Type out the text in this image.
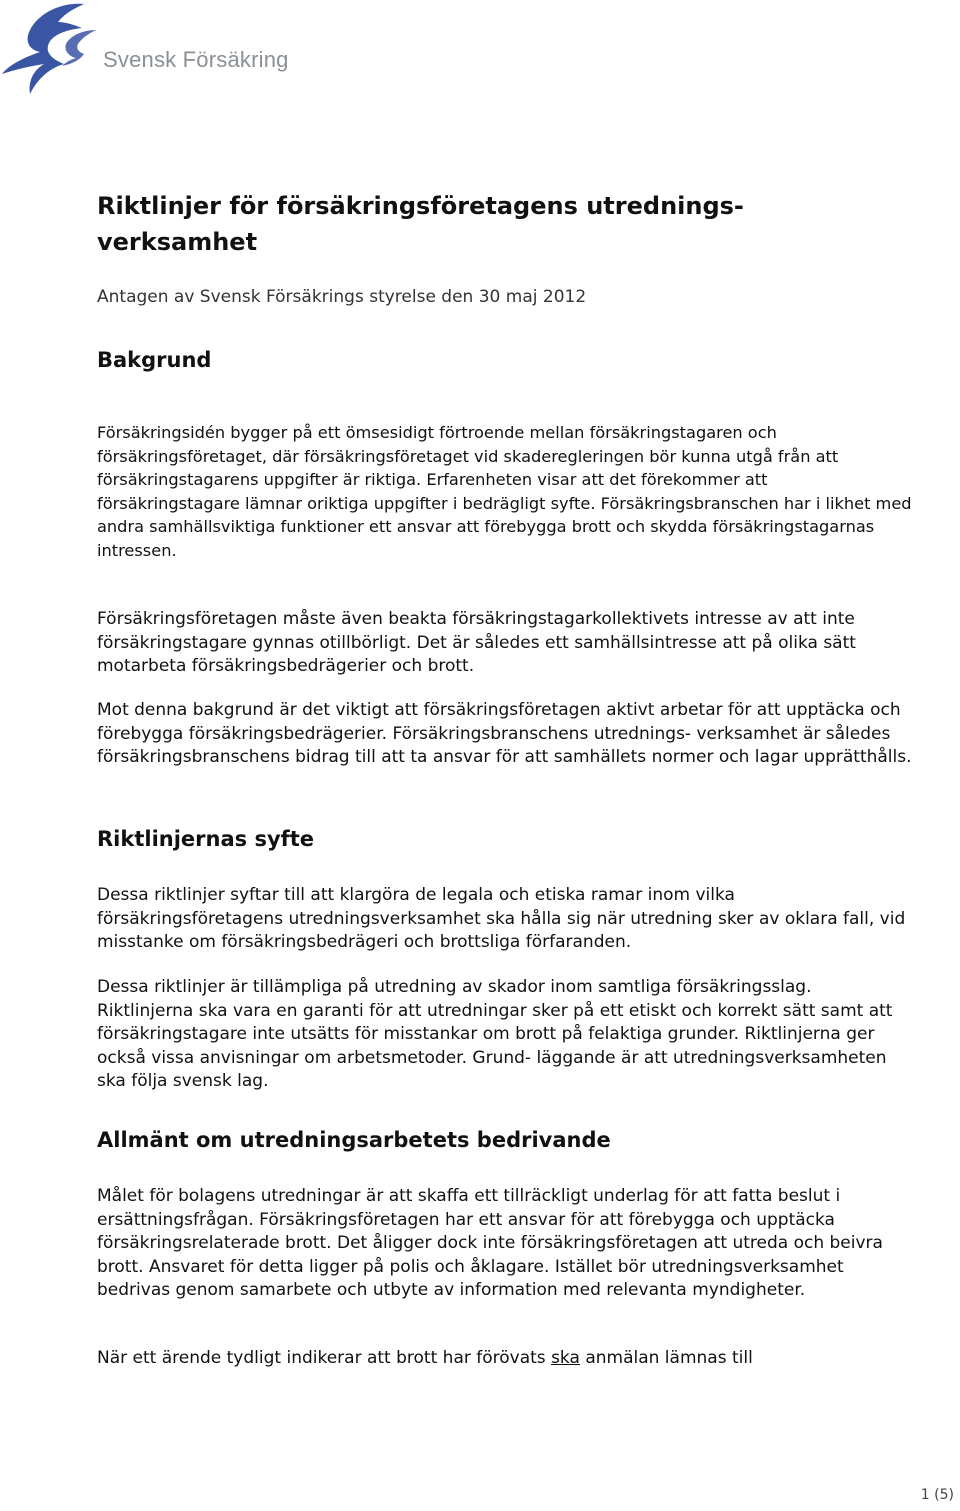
Svensk Försäkring
Riktlinjer för försäkringsföretagens utrednings- verksamhet

Antagen av Svensk Försäkrings styrelse den 30 maj 2012

Bakgrund

Försäkringsidén bygger på ett ömsesidigt förtroende mellan försäkringstagaren och försäkringsföretaget, där försäkringsföretaget vid skaderegleringen bör kunna utgå från att försäkringstagarens uppgifter är riktiga. Erfarenheten visar att det förekommer att försäkringstagare lämnar oriktiga uppgifter i bedrägligt syfte. Försäkringsbranschen har i likhet med andra samhällsviktiga funktioner ett ansvar att förebygga brott och skydda försäkringstagarnas intressen.

Försäkringsföretagen måste även beakta försäkringstagarkollektivets intresse av att inte försäkringstagare gynnas otillbörligt. Det är således ett samhällsintresse att på olika sätt motarbeta försäkringsbedrägerier och brott.

Mot denna bakgrund är det viktigt att försäkringsföretagen aktivt arbetar för att upptäcka och förebygga försäkringsbedrägerier. Försäkringsbranschens utrednings- verksamhet är således försäkringsbranschens bidrag till att ta ansvar för att samhällets normer och lagar upprätthålls.

Riktlinjernas syfte

Dessa riktlinjer syftar till att klargöra de legala och etiska ramar inom vilka försäkringsföretagens utredningsverksamhet ska hålla sig när utredning sker av oklara fall, vid misstanke om försäkringsbedrägeri och brottsliga förfaranden.

Dessa riktlinjer är tillämpliga på utredning av skador inom samtliga försäkringsslag. Riktlinjerna ska vara en garanti för att utredningar sker på ett etiskt och korrekt sätt samt att försäkringstagare inte utsätts för misstankar om brott på felaktiga grunder. Riktlinjerna ger också vissa anvisningar om arbetsmetoder. Grund- läggande är att utredningsverksamheten ska följa svensk lag.

Allmänt om utredningsarbetets bedrivande

Målet för bolagens utredningar är att skaffa ett tillräckligt underlag för att fatta beslut i ersättningsfrågan. Försäkringsföretagen har ett ansvar för att förebygga och upptäcka försäkringsrelaterade brott. Det åligger dock inte försäkringsföretagen att utreda och beivra brott. Ansvaret för detta ligger på polis och åklagare. Istället bör utredningsverksamhet bedrivas genom samarbete och utbyte av information med relevanta myndigheter.

När ett ärende tydligt indikerar att brott har förövats ska anmälan lämnas till

1 (5)
